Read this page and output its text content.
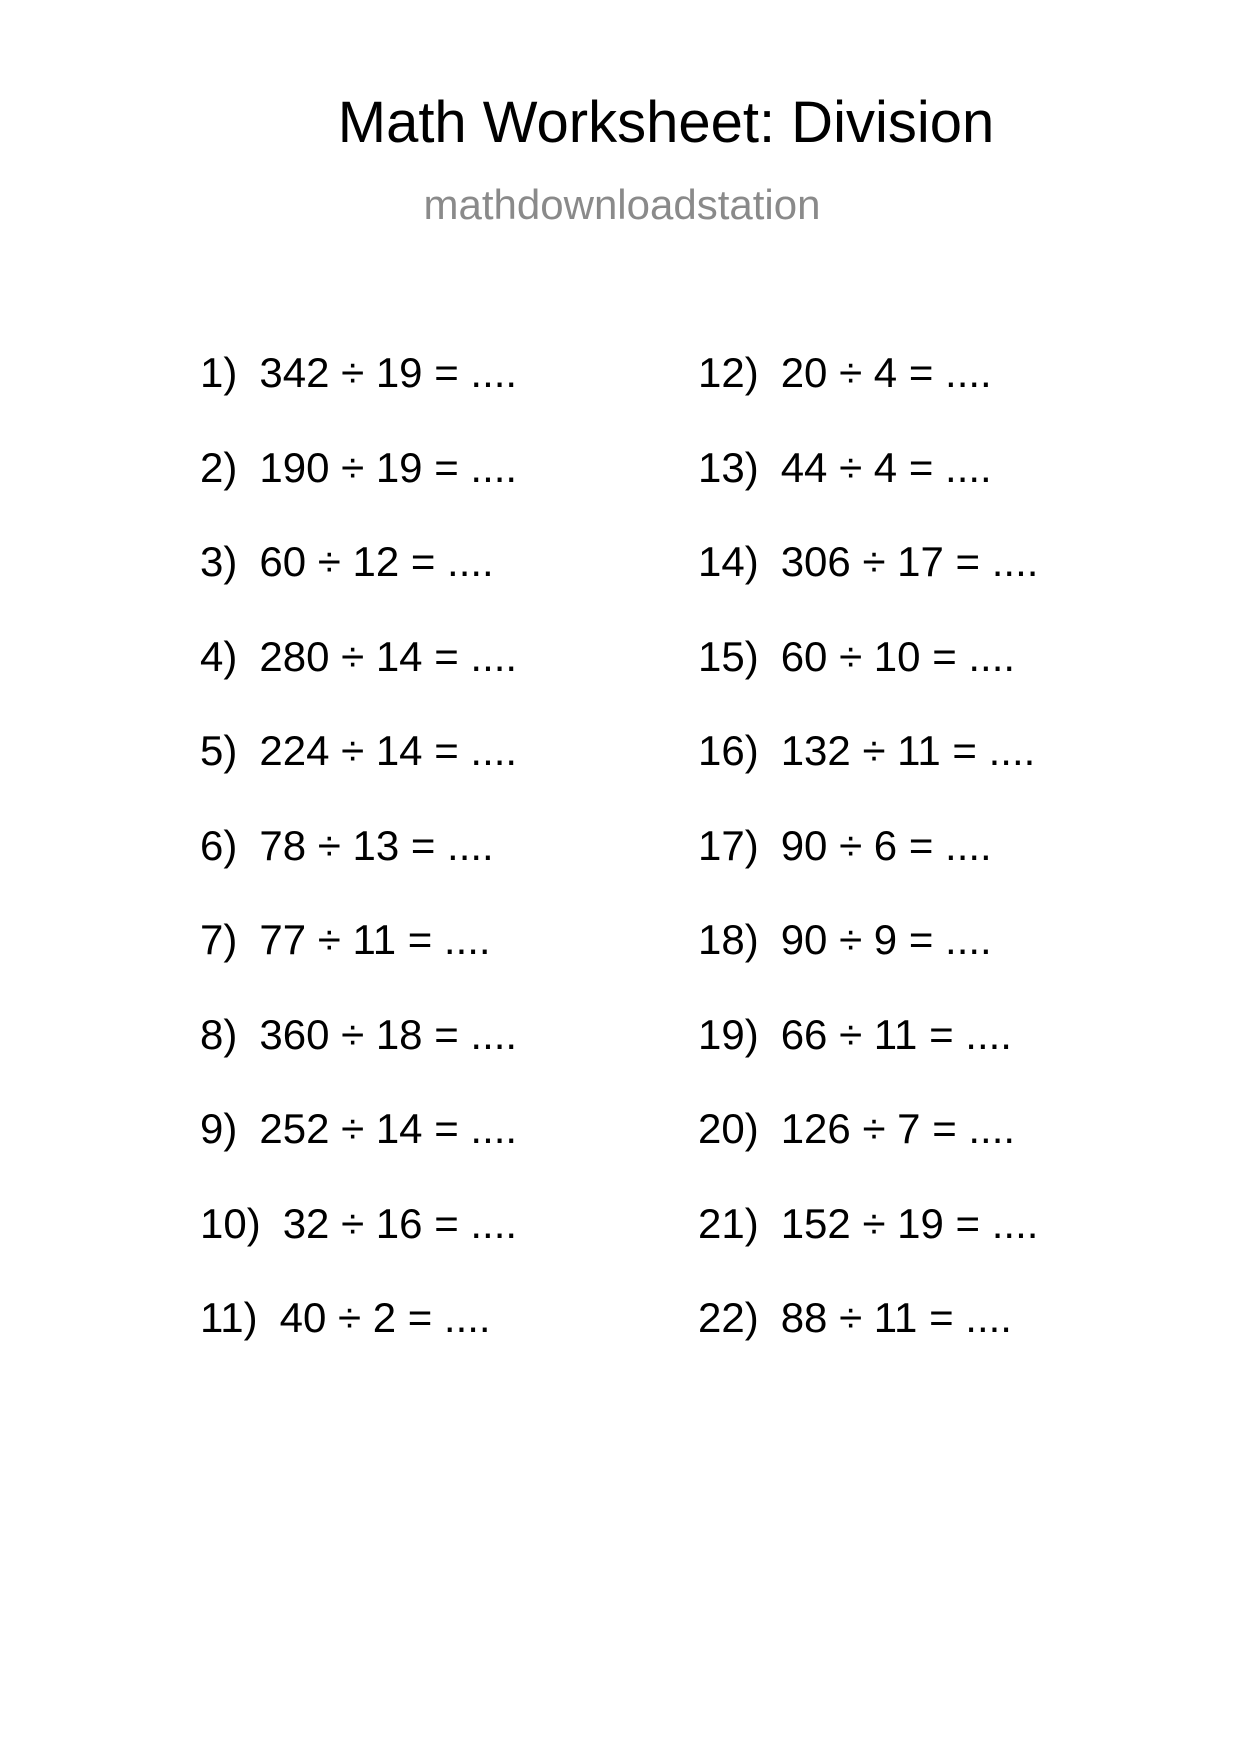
Math Worksheet: Division
mathdownloadstation
1) 342 ÷ 19 = ....
2) 190 ÷ 19 = ....
3) 60 ÷ 12 = ....
4) 280 ÷ 14 = ....
5) 224 ÷ 14 = ....
6) 78 ÷ 13 = ....
7) 77 ÷ 11 = ....
8) 360 ÷ 18 = ....
9) 252 ÷ 14 = ....
10) 32 ÷ 16 = ....
11) 40 ÷ 2 = ....
12) 20 ÷ 4 = ....
13) 44 ÷ 4 = ....
14) 306 ÷ 17 = ....
15) 60 ÷ 10 = ....
16) 132 ÷ 11 = ....
17) 90 ÷ 6 = ....
18) 90 ÷ 9 = ....
19) 66 ÷ 11 = ....
20) 126 ÷ 7 = ....
21) 152 ÷ 19 = ....
22) 88 ÷ 11 = ....
